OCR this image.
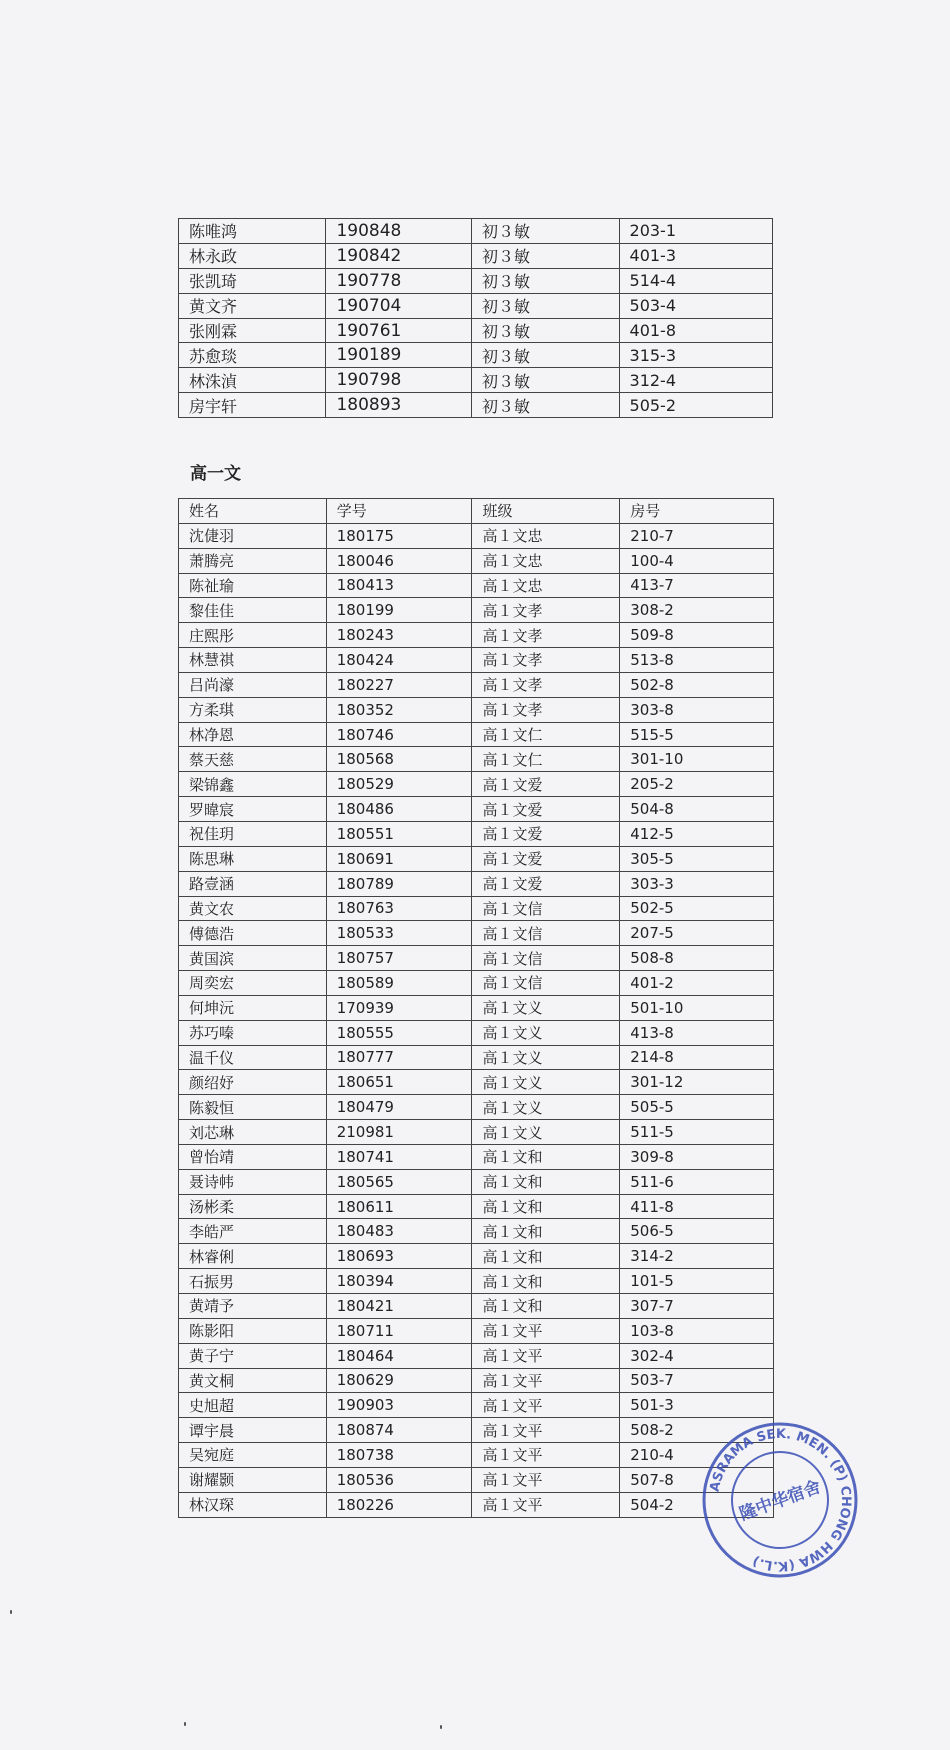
陈唯鸿	190848	初３敏	203-1
林永政	190842	初３敏	401-3
张凯琦	190778	初３敏	514-4
黄文齐	190704	初３敏	503-4
张刚霖	190761	初３敏	401-8
苏愈琰	190189	初３敏	315-3
林洙湞	190798	初３敏	312-4
房宇轩	180893	初３敏	505-2
高一文
姓名	学号	班级	房号
沈倢羽	180175	高１文忠	210-7
萧腾亮	180046	高１文忠	100-4
陈祉瑜	180413	高１文忠	413-7
黎佳佳	180199	高１文孝	308-2
庄熙彤	180243	高１文孝	509-8
林慧祺	180424	高１文孝	513-8
吕尚濠	180227	高１文孝	502-8
方柔琪	180352	高１文孝	303-8
林净恩	180746	高１文仁	515-5
蔡天慈	180568	高１文仁	301-10
梁锦鑫	180529	高１文爱	205-2
罗暐宸	180486	高１文爱	504-8
祝佳玥	180551	高１文爱	412-5
陈思琳	180691	高１文爱	305-5
路壹涵	180789	高１文爱	303-3
黄文农	180763	高１文信	502-5
傅德浩	180533	高１文信	207-5
黄国滨	180757	高１文信	508-8
周奕宏	180589	高１文信	401-2
何坤沅	170939	高１文义	501-10
苏巧嗪	180555	高１文义	413-8
温千仪	180777	高１文义	214-8
颜绍妤	180651	高１文义	301-12
陈毅恒	180479	高１文义	505-5
刘芯琳	210981	高１文义	511-5
曾怡靖	180741	高１文和	309-8
聂诗帏	180565	高１文和	511-6
汤彬柔	180611	高１文和	411-8
李皓严	180483	高１文和	506-5
林睿俐	180693	高１文和	314-2
石振男	180394	高１文和	101-5
黄靖予	180421	高１文和	307-7
陈影阳	180711	高１文平	103-8
黄子宁	180464	高１文平	302-4
黄文桐	180629	高１文平	503-7
史旭超	190903	高１文平	501-3
谭宇晨	180874	高１文平	508-2
吴宛庭	180738	高１文平	210-4
谢耀颢	180536	高１文平	507-8
林汉琛	180226	高１文平	504-2
ASRAMA SEK. MEN. (P) CHONG HWA (K.L.)
隆中华宿舍
